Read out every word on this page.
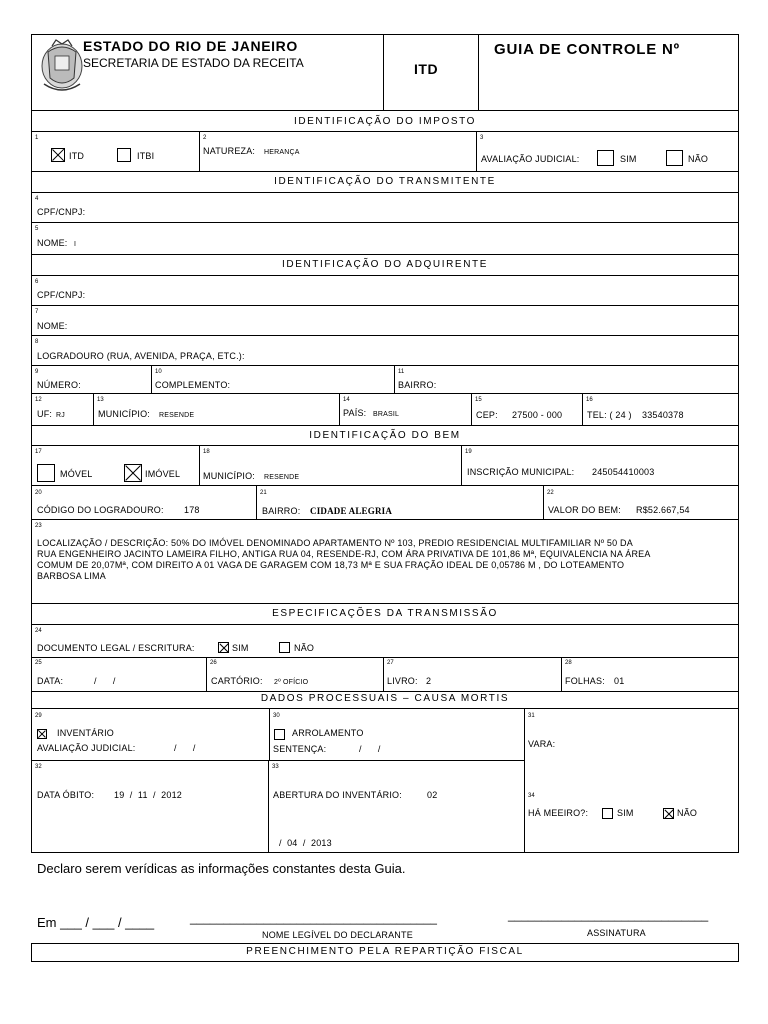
ESTADO DO RIO DE JANEIRO
SECRETARIA DE ESTADO DA RECEITA	ITD
GUIA DE CONTROLE Nº
IDENTIFICAÇÃO DO IMPOSTO
1
ITD	ITBI
2
NATUREZA: HERANÇA
3
AVALIAÇÃO JUDICIAL:	SIM	NÃO
IDENTIFICAÇÃO DO TRANSMITENTE
4
CPF/CNPJ:
5
NOME: I
IDENTIFICAÇÃO DO ADQUIRENTE
6
CPF/CNPJ:
7
NOME:
8
LOGRADOURO (RUA, AVENIDA, PRAÇA, ETC.):
9
NÚMERO:
10
COMPLEMENTO:
11
BAIRRO:
12
UF: RJ
13
MUNICÍPIO: RESENDE
14
PAÍS: BRASIL
15
CEP: 27500 - 000
16
TEL: ( 24 ) 33540378
IDENTIFICAÇÃO DO BEM
17
MÓVEL	IMÓVEL
18
MUNICÍPIO: RESENDE
19
INSCRIÇÃO MUNICIPAL: 245054410003
20
CÓDIGO DO LOGRADOURO: 178
21
BAIRRO: CIDADE ALEGRIA
22
VALOR DO BEM: R$52.667,54
23
LOCALIZAÇÃO / DESCRIÇÃO: 50% DO IMÓVEL DENOMINADO APARTAMENTO Nº 103, PREDIO RESIDENCIAL MULTIFAMILIAR Nº 50 DA
RUA ENGENHEIRO JACINTO LAMEIRA FILHO, ANTIGA RUA 04, RESENDE-RJ, COM ÁRA PRIVATIVA DE 101,86 Mª, EQUIVALENCIA NA ÁREA
COMUM DE 20,07Mª, COM DIREITO A 01 VAGA DE GARAGEM COM 18,73 Mª E SUA FRAÇÃO IDEAL DE 0,05786 M , DO LOTEAMENTO
BARBOSA LIMA
ESPECIFICAÇÕES DA TRANSMISSÃO
24
DOCUMENTO LEGAL / ESCRITURA:	SIM	NÃO
25
DATA:	/      /
26
CARTÓRIO: 2º OFÍCIO
27
LIVRO: 2
28
FOLHAS: 01
DADOS PROCESSUAIS – CAUSA MORTIS
29
INVENTÁRIO
AVALIAÇÃO JUDICIAL:	/      /
30
ARROLAMENTO
SENTENÇA:	/      /
31
VARA:
32
DATA ÓBITO: 19  /  11  /  2012
33
ABERTURA DO INVENTÁRIO:	02
/  04  /  2013
34
HÁ MEEIRO?:	SIM	NÃO
Declaro serem verídicas as informações constantes desta Guia.
Em ___ / ___ / ____	_____________________________________	______________________________
NOME LEGÍVEL DO DECLARANTE	ASSINATURA
PREENCHIMENTO PELA REPARTIÇÃO FISCAL
